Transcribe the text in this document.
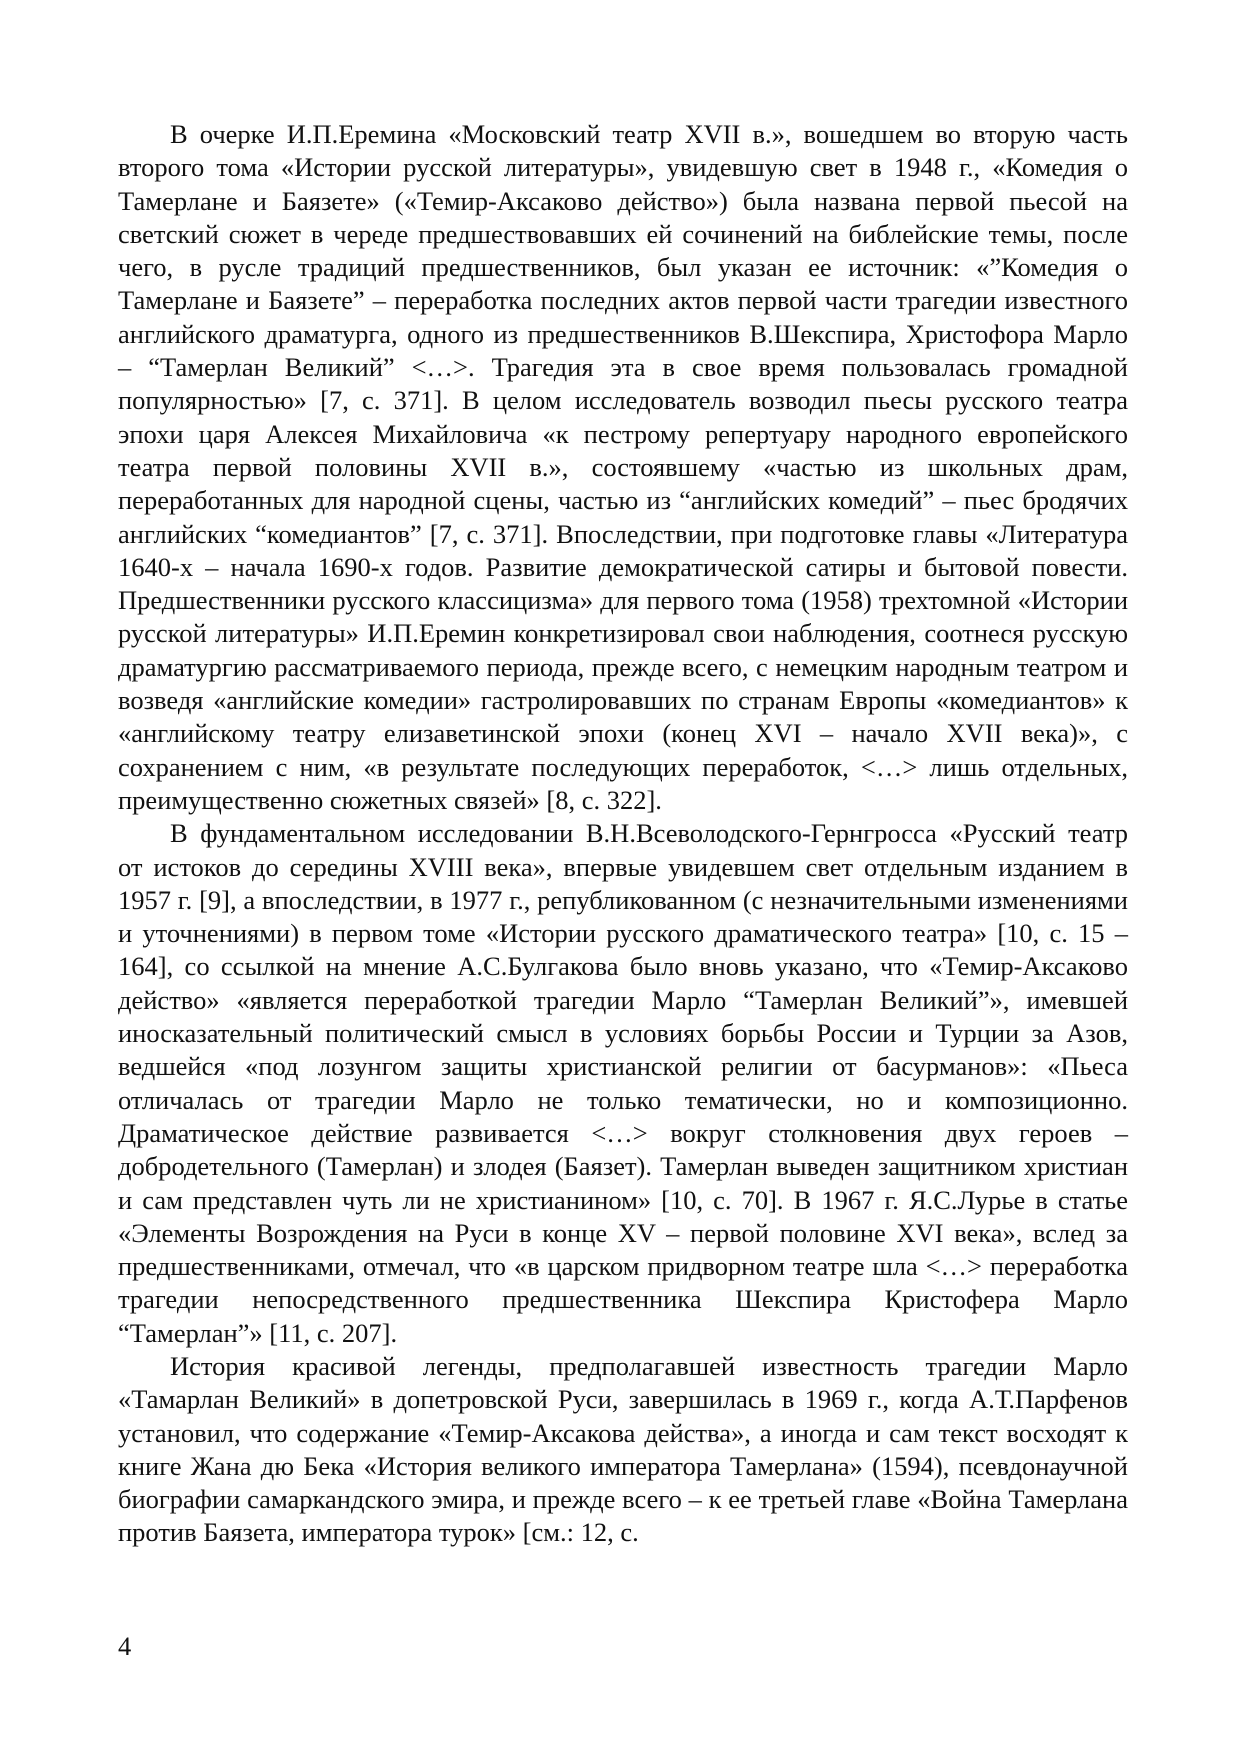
В очерке И.П.Еремина «Московский театр XVII в.», вошедшем во вторую часть второго тома «Истории русской литературы», увидевшую свет в 1948 г., «Комедия о Тамерлане и Баязете» («Темир-Аксаково действо») была названа первой пьесой на светский сюжет в череде предшествовавших ей сочинений на библейские темы, после чего, в русле традиций предшественников, был указан ее источник: «”Комедия о Тамерлане и Баязете” – переработка последних актов первой части трагедии известного английского драматурга, одного из предшественников В.Шекспира, Христофора Марло – “Тамерлан Великий” <…>. Трагедия эта в свое время пользовалась громадной популярностью» [7, с. 371]. В целом исследователь возводил пьесы русского театра эпохи царя Алексея Михайловича «к пестрому репертуару народного европейского театра первой половины XVII в.», состоявшему «частью из школьных драм, переработанных для народной сцены, частью из “английских комедий” – пьес бродячих английских “комедиантов” [7, с. 371]. Впоследствии, при подготовке главы «Литература 1640-х – начала 1690-х годов. Развитие демократической сатиры и бытовой повести. Предшественники русского классицизма» для первого тома (1958) трехтомной «Истории русской литературы» И.П.Еремин конкретизировал свои наблюдения, соотнеся русскую драматургию рассматриваемого периода, прежде всего, с немецким народным театром и возведя «английские комедии» гастролировавших по странам Европы «комедиантов» к «английскому театру елизаветинской эпохи (конец XVI – начало XVII века)», с сохранением с ним, «в результате последующих переработок, <…> лишь отдельных, преимущественно сюжетных связей» [8, с. 322].

В фундаментальном исследовании В.Н.Всеволодского-Гернгросса «Русский театр от истоков до середины XVIII века», впервые увидевшем свет отдельным изданием в 1957 г. [9], а впоследствии, в 1977 г., републикованном (с незначительными изменениями и уточнениями) в первом томе «Истории русского драматического театра» [10, с. 15 – 164], со ссылкой на мнение А.С.Булгакова было вновь указано, что «Темир-Аксаково действо» «является переработкой трагедии Марло “Тамерлан Великий”», имевшей иносказательный политический смысл в условиях борьбы России и Турции за Азов, ведшейся «под лозунгом защиты христианской религии от басурманов»: «Пьеса отличалась от трагедии Марло не только тематически, но и композиционно. Драматическое действие развивается <…> вокруг столкновения двух героев – добродетельного (Тамерлан) и злодея (Баязет). Тамерлан выведен защитником христиан и сам представлен чуть ли не христианином» [10, с. 70]. В 1967 г. Я.С.Лурье в статье «Элементы Возрождения на Руси в конце XV – первой половине XVI века», вслед за предшественниками, отмечал, что «в царском придворном театре шла <…> переработка трагедии непосредственного предшественника Шекспира Кристофера Марло “Тамерлан”» [11, с. 207].

История красивой легенды, предполагавшей известность трагедии Марло «Тамарлан Великий» в допетровской Руси, завершилась в 1969 г., когда А.Т.Парфенов установил, что содержание «Темир-Аксакова действа», а иногда и сам текст восходят к книге Жана дю Бека «История великого императора Тамерлана» (1594), псевдонаучной биографии самаркандского эмира, и прежде всего – к ее третьей главе «Война Тамерлана против Баязета, императора турок» [см.: 12, с.

4
